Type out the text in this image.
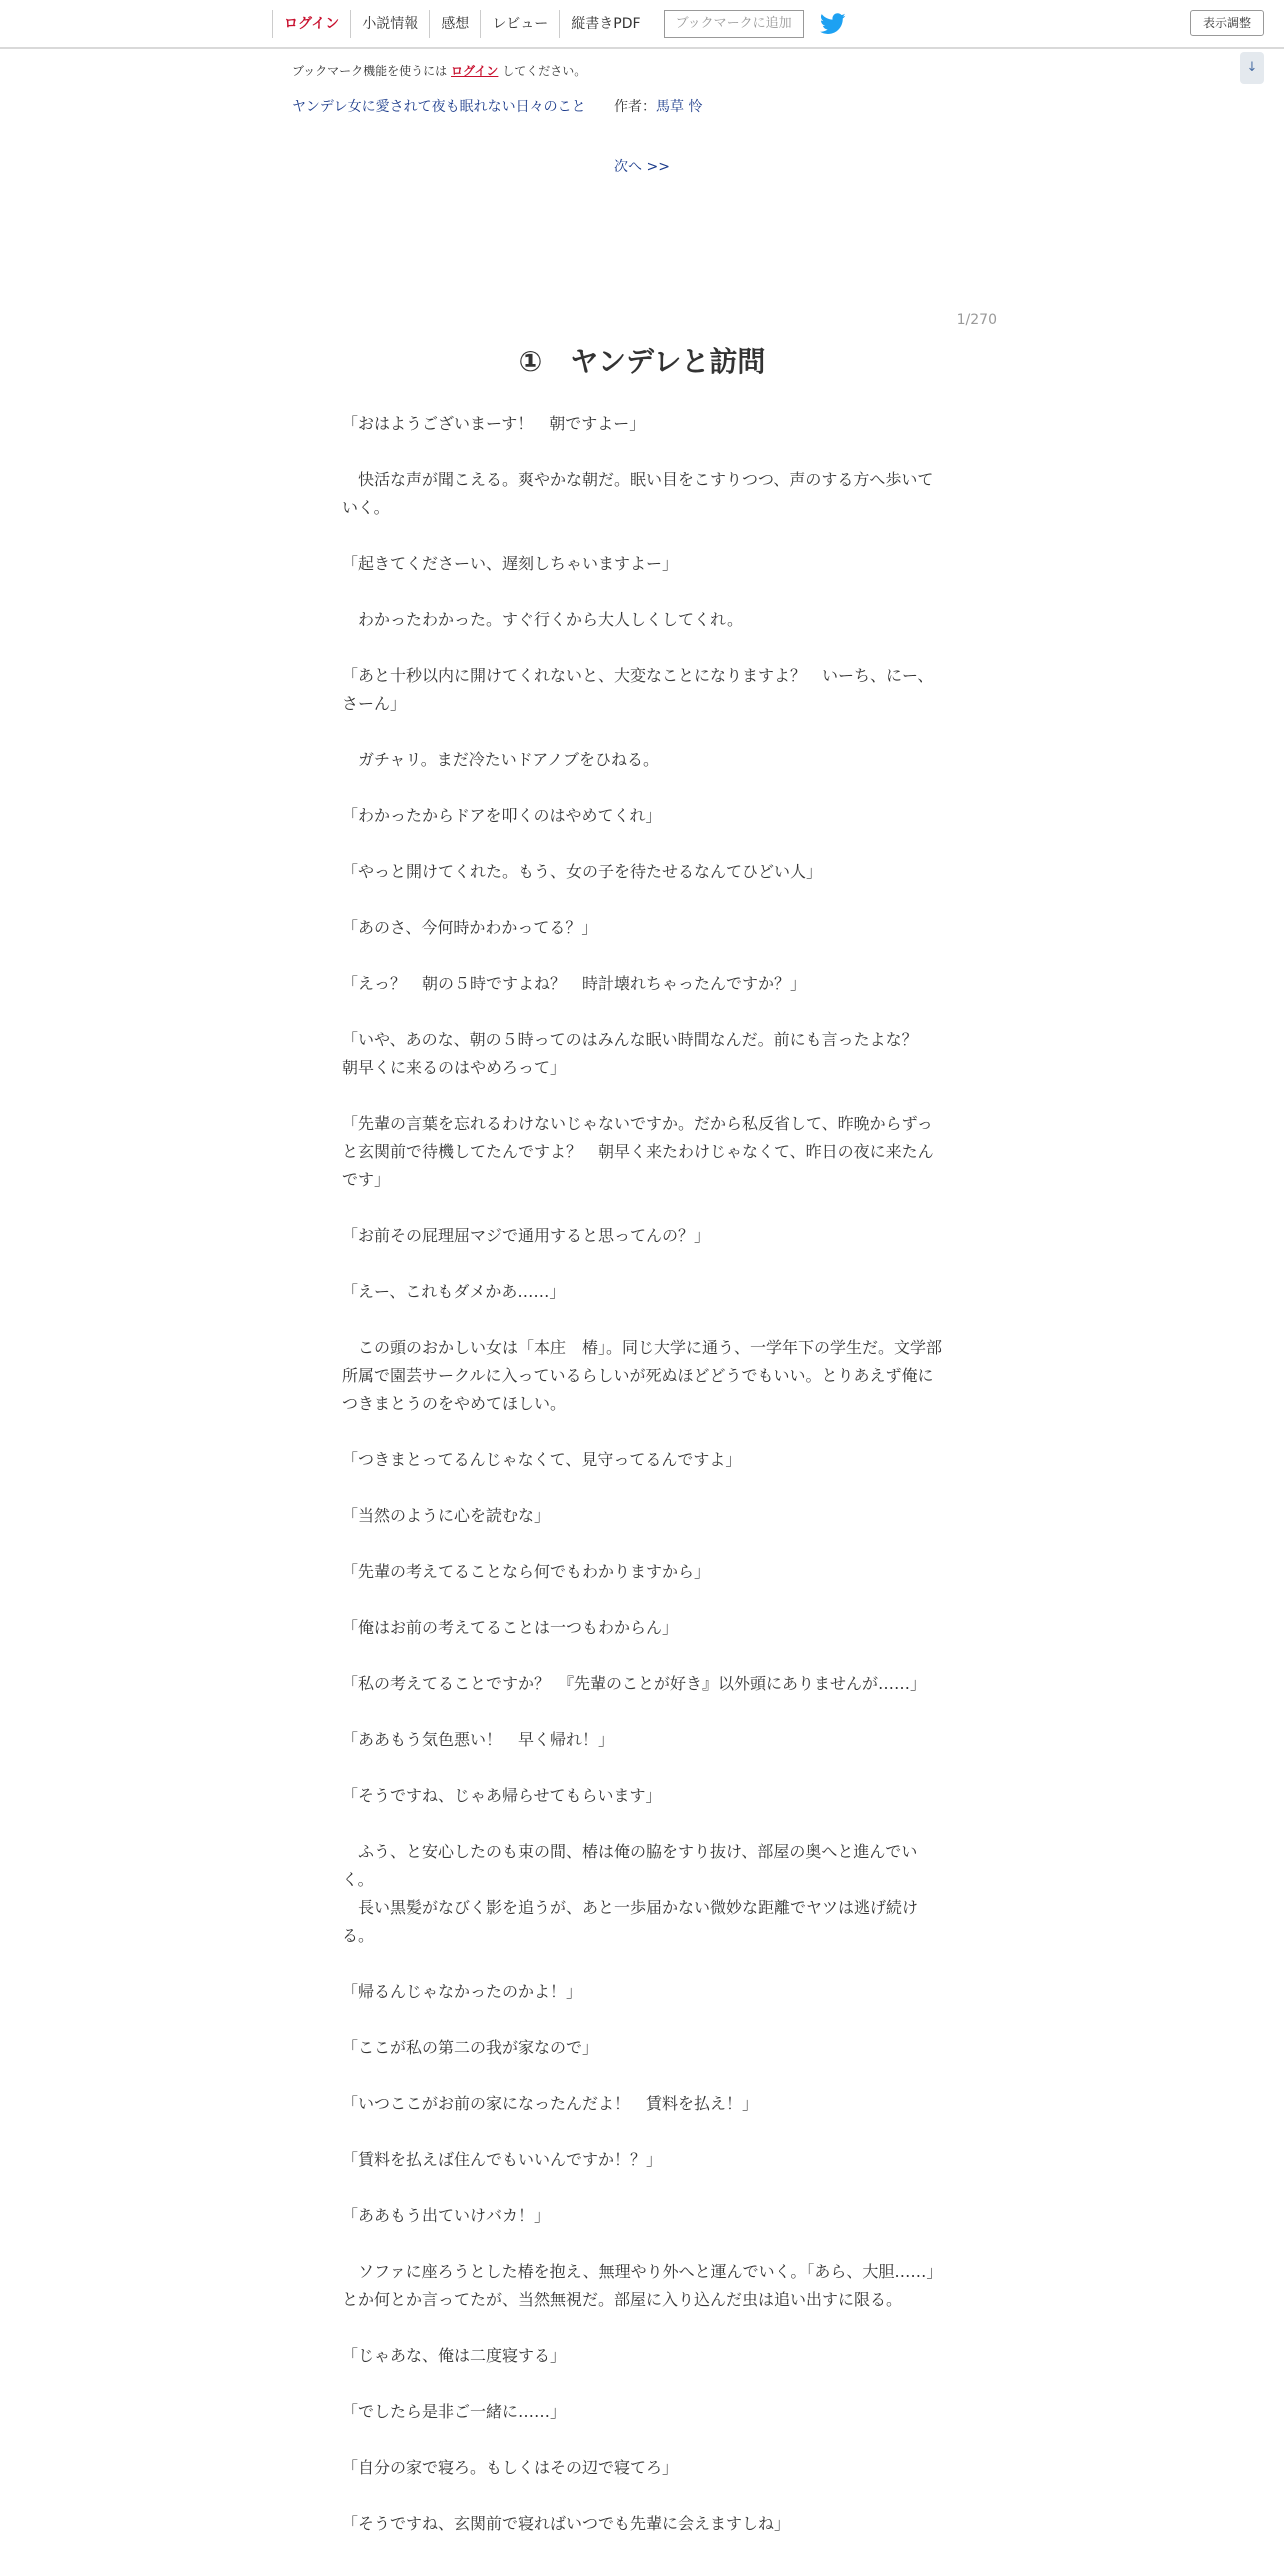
ログイン	小説情報	感想	レビュー	縦書きPDF	ブックマークに追加	表示調整
↓
ブックマーク機能を使うには ログイン してください。
ヤンデレ女に愛されて夜も眠れない日々のこと 作者：馬草 怜
次へ >>
1/270
①　ヤンデレと訪問

「おはようございまーす！　朝ですよー」

　快活な声が聞こえる。爽やかな朝だ。眠い目をこすりつつ、声のする方へ歩いていく。

「起きてくださーい、遅刻しちゃいますよー」

　わかったわかった。すぐ行くから大人しくしてくれ。

「あと十秒以内に開けてくれないと、大変なことになりますよ？　いーち、にー、さーん」

　ガチャリ。まだ冷たいドアノブをひねる。

「わかったからドアを叩くのはやめてくれ」

「やっと開けてくれた。もう、女の子を待たせるなんてひどい人」

「あのさ、今何時かわかってる？」

「えっ？　朝の５時ですよね？　時計壊れちゃったんですか？」

「いや、あのな、朝の５時ってのはみんな眠い時間なんだ。前にも言ったよな？　朝早くに来るのはやめろって」

「先輩の言葉を忘れるわけないじゃないですか。だから私反省して、昨晩からずっと玄関前で待機してたんですよ？　朝早く来たわけじゃなくて、昨日の夜に来たんです」

「お前その屁理屈マジで通用すると思ってんの？」

「えー、これもダメかあ……」

　この頭のおかしい女は「本庄　椿」。同じ大学に通う、一学年下の学生だ。文学部所属で園芸サークルに入っているらしいが死ぬほどどうでもいい。とりあえず俺につきまとうのをやめてほしい。

「つきまとってるんじゃなくて、見守ってるんですよ」

「当然のように心を読むな」

「先輩の考えてることなら何でもわかりますから」

「俺はお前の考えてることは一つもわからん」

「私の考えてることですか？　『先輩のことが好き』以外頭にありませんが……」

「ああもう気色悪い！　早く帰れ！」

「そうですね、じゃあ帰らせてもらいます」

　ふう、と安心したのも束の間、椿は俺の脇をすり抜け、部屋の奥へと進んでいく。
　長い黒髪がなびく影を追うが、あと一歩届かない微妙な距離でヤツは逃げ続ける。

「帰るんじゃなかったのかよ！」

「ここが私の第二の我が家なので」

「いつここがお前の家になったんだよ！　賃料を払え！」

「賃料を払えば住んでもいいんですか！？」

「ああもう出ていけバカ！」

　ソファに座ろうとした椿を抱え、無理やり外へと運んでいく。「あら、大胆……」とか何とか言ってたが、当然無視だ。部屋に入り込んだ虫は追い出すに限る。

「じゃあな、俺は二度寝する」

「でしたら是非ご一緒に……」

「自分の家で寝ろ。もしくはその辺で寝てろ」

「そうですね、玄関前で寝ればいつでも先輩に会えますしね」
